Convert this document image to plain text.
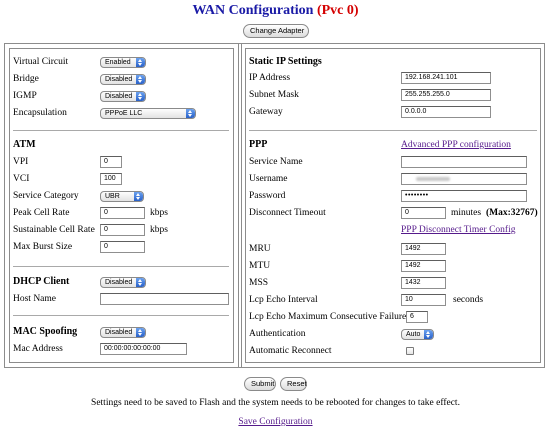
WAN Configuration (Pvc 0)
Change Adapter
Virtual Circuit	Enabled
Bridge	Disabled
IGMP	Disabled
Encapsulation	PPPoE LLC
ATM
VPI	0
VCI	100
Service Category	UBR
Peak Cell Rate	0	kbps
Sustainable Cell Rate	0	kbps
Max Burst Size	0
DHCP Client	Disabled
Host Name
MAC Spoofing	Disabled
Mac Address	00:00:00:00:00:00
Static IP Settings
IP Address	192.168.241.101
Subnet Mask	255.255.255.0
Gateway	0.0.0.0
PPP	Advanced PPP configuration
Service Name
Username
Password	••••••••
Disconnect Timeout	0	minutes (Max:32767)
PPP Disconnect Timer Config
MRU	1492
MTU	1492
MSS	1432
Lcp Echo Interval	10	seconds
Lcp Echo Maximum Consecutive Failure 6
Authentication	Auto
Automatic Reconnect
Submit	Reset
Settings need to be saved to Flash and the system needs to be rebooted for changes to take effect.
Save Configuration
